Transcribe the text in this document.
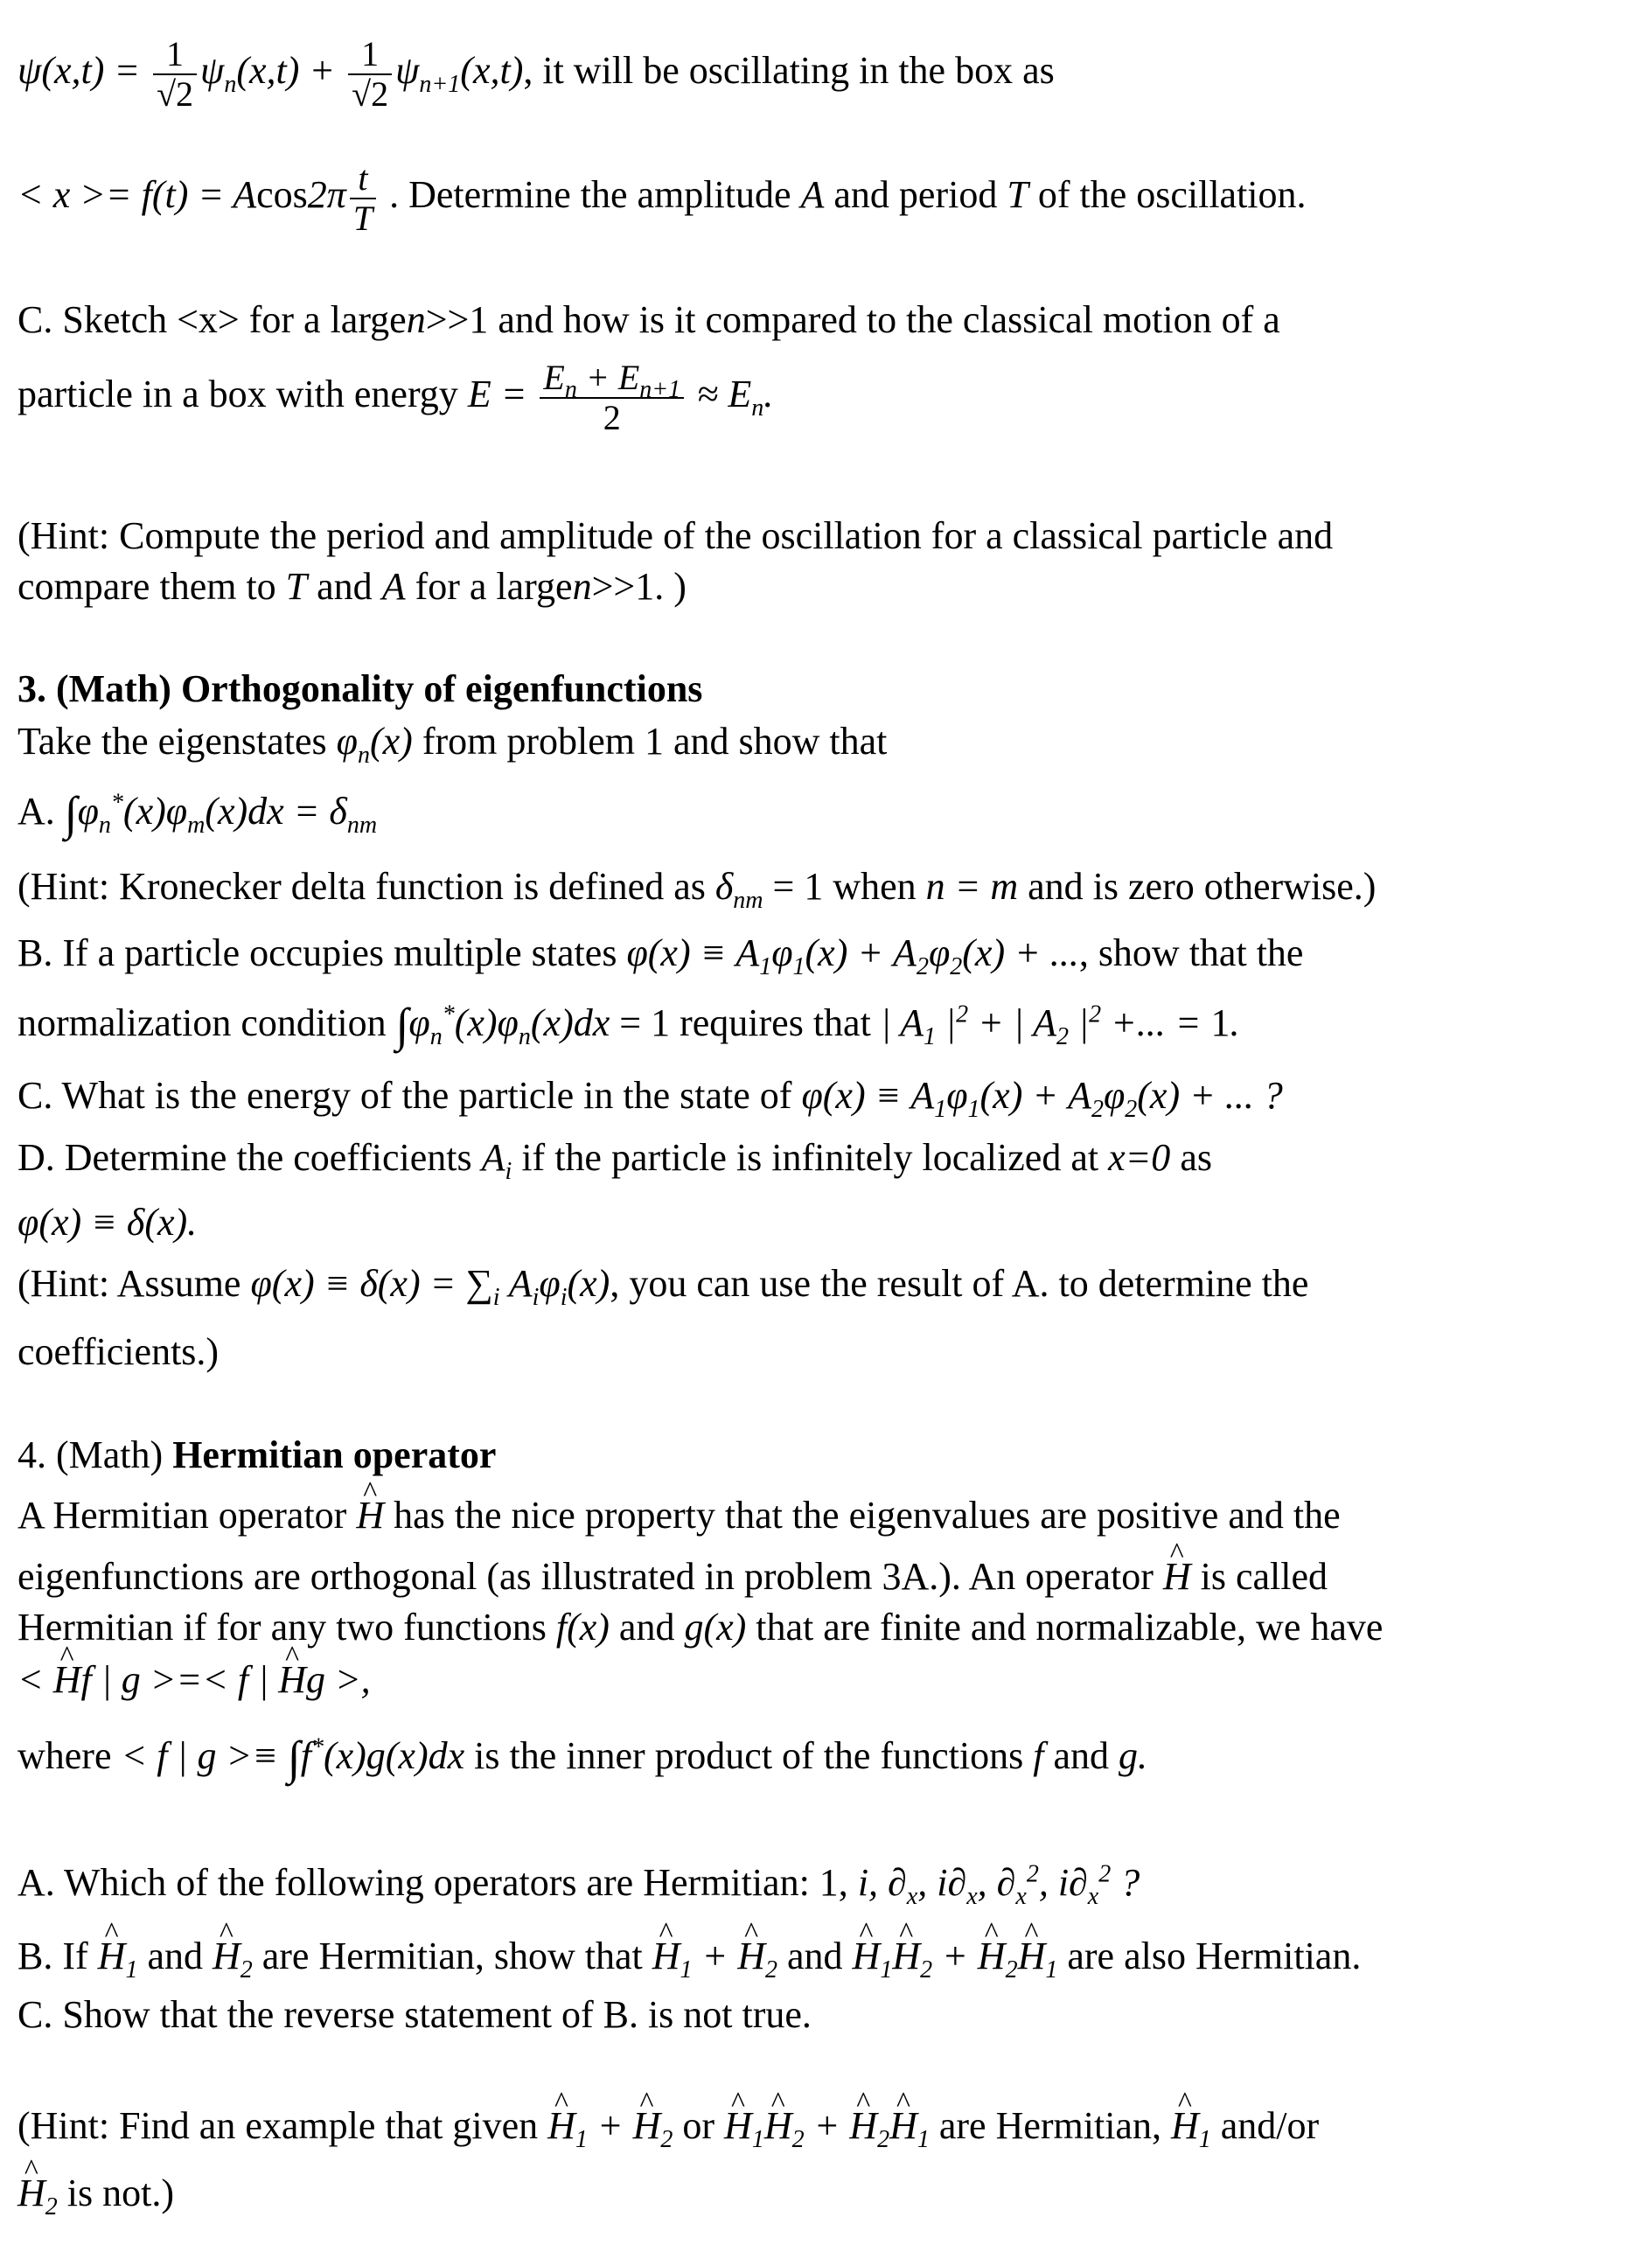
$\psi(x,t) = \frac{1}{√2} \psi_n(x,t) + \frac{1}{√2} \psi_{n+1}(x,t)$, it will be oscillating in the box as
< $x >= f(t) = Acos2\pi \frac{t}{T}$ . Determine the amplitude A and period T of the oscillation.
C. Sketch <x> for a largen>>1 and how is it compared to the classical motion of a
particle in a box with energy $E = \frac{E_n + E_{n+1}}{2} \approx E_n$.
(Hint: Compute the period and amplitude of the oscillation for a classical particle and
compare them to T and A for a largen>>1. )
3. (Math) Orthogonality of eigenfunctions
Take the eigenstates $\varphi_n(x)$ from problem 1 and show that
A. $\int\varphi_n^*(x)\varphi_m(x)dx = \delta_{nm}$
(Hint: Kronecker delta function is defined as $\delta_{nm} = 1$ when n = m and is zero otherwise.)
B. If a particle occupies multiple states $\varphi(x) \equiv A_1\varphi_1(x) + A_2\varphi_2(x)$ + ..., show that the
normalization condition $\int\varphi_n^*(x)\varphi_n(x)dx = 1$ requires that | $A_1$ $|^2$ + | $A_2$ $|^2$ +... = 1.
C. What is the energy of the particle in the state of $\varphi(x) \equiv A_1\varphi_1(x) + A_2\varphi_2(x)$ + ... ?
D. Determine the coefficients $A_i$ if the particle is infinitely localized at x=0 as
φ(x) ≡ δ(x).
(Hint: Assume $\varphi(x) \equiv \delta(x) = \sum_i$ $A_i\varphi_i(x)$, you can use the result of A. to determine the
coefficients.)
4. (Math) Hermitian operator
A Hermitian operator ^ H has the nice property that the eigenvalues are positive and the
eigenfunctions are orthogonal (as illustrated in problem 3A.). An operator ^ H is called
Hermitian if for any two functions f(x) and g(x) that are finite and normalizable, we have
< ^ Hf | g >=< f | ^ Hg >,
where < f | g >≡ ∫f*(x)g(x)dx is the inner product of the functions f and g.
A. Which of the following operators are Hermitian: 1, i, $\partial_x$, $i\partial_x$, $\partial_x^2$, $i\partial_x^2$ ?
B. If ^ $H_1$ and ^ $H_2$ are Hermitian, show that ^ $H_1$ + ^ $H_2$ and ^ $H_1\^{}$ $H_2$ + ^ $H_2\^{}$ $H_1$ are also Hermitian.
C. Show that the reverse statement of B. is not true.
(Hint: Find an example that given ^ $H_1$ + ^ $H_2$ or ^ $H_1\^{}$ $H_2$ + ^ $H_2\^{}$ $H_1$ are Hermitian, ^ $H_1$ and/or
^ $H_2$ is not.)
